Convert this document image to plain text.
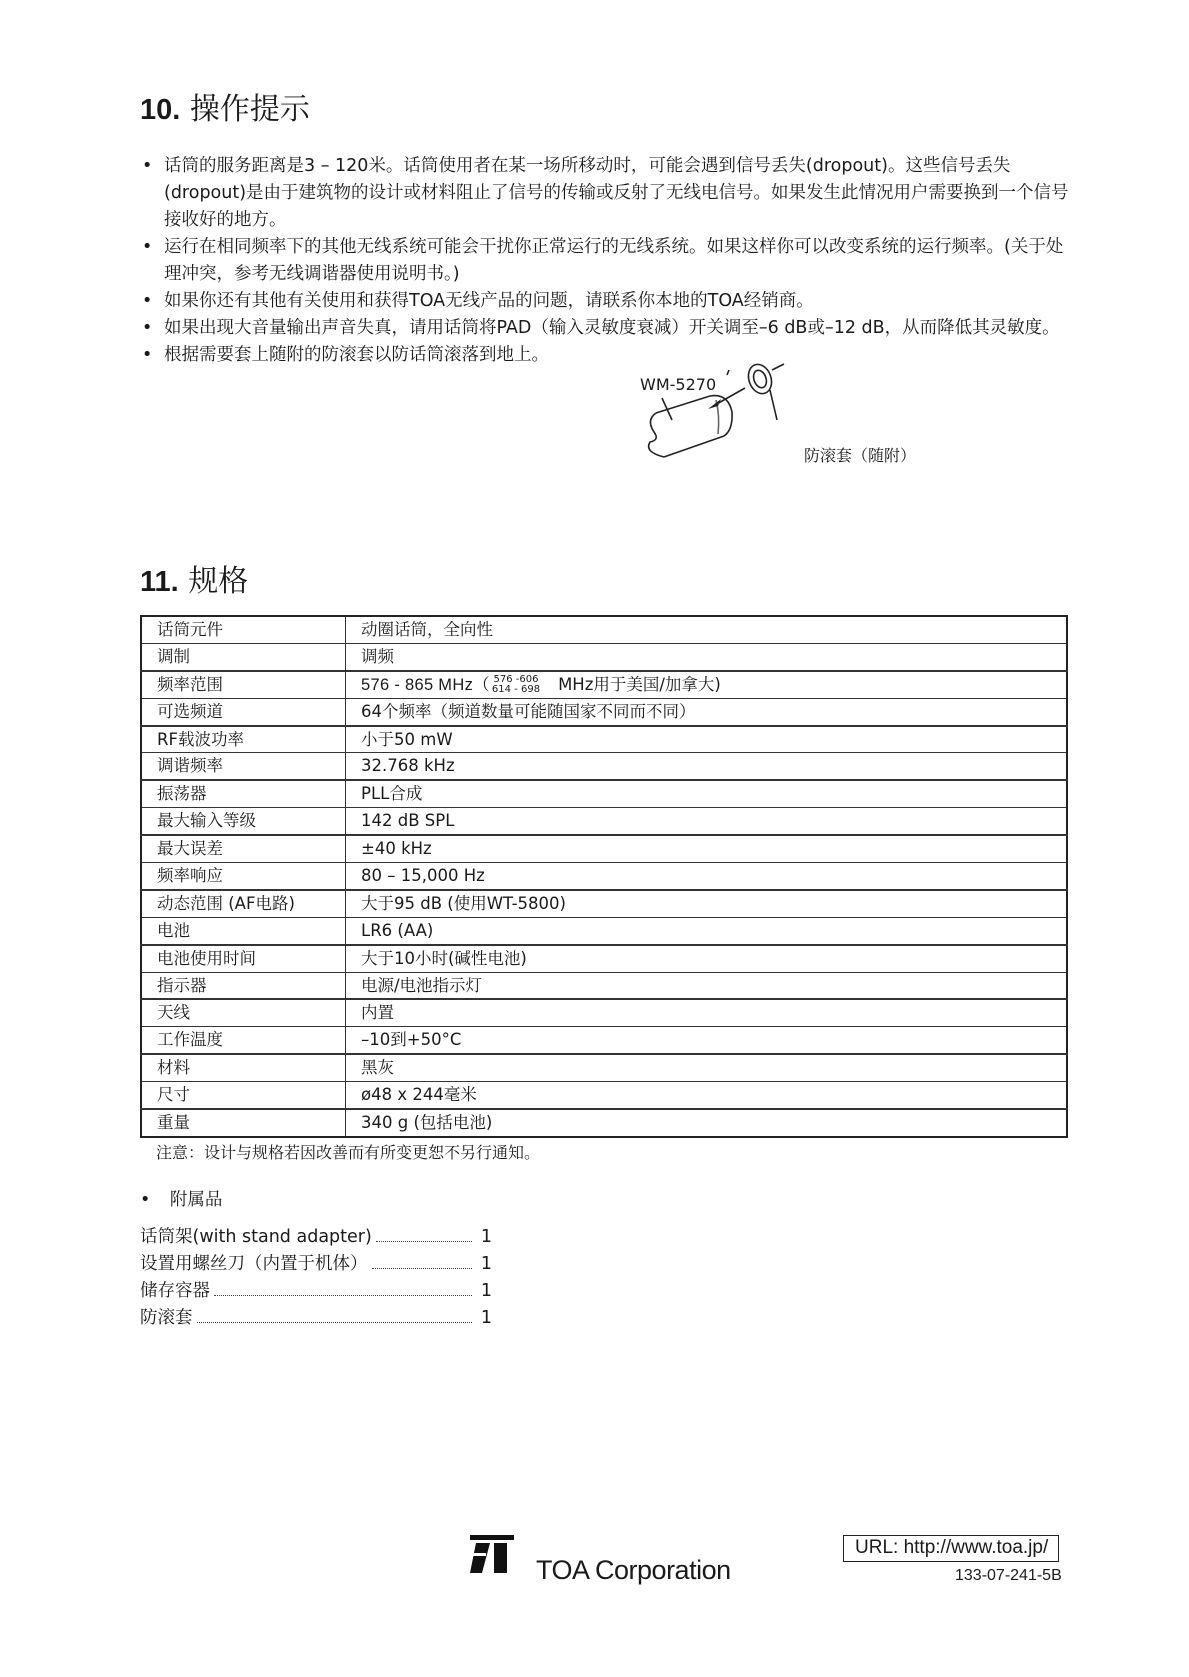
10. 操作提示
• 话筒的服务距离是3 – 120米。话筒使用者在某一场所移动时，可能会遇到信号丢失(dropout)。这些信号丢失(dropout)是由于建筑物的设计或材料阻止了信号的传输或反射了无线电信号。如果发生此情况用户需要换到一个信号接收好的地方。
• 运行在相同频率下的其他无线系统可能会干扰你正常运行的无线系统。如果这样你可以改变系统的运行频率。(关于处理冲突，参考无线调谐器使用说明书。)
• 如果你还有其他有关使用和获得TOA无线产品的问题，请联系你本地的TOA经销商。
• 如果出现大音量输出声音失真，请用话筒将PAD（输入灵敏度衰减）开关调至–6 dB或–12 dB，从而降低其灵敏度。
• 根据需要套上随附的防滚套以防话筒滚落到地上。
WM-5270
防滚套（随附）
11. 规格
话筒元件	动圈话筒，全向性
调制	调频
频率范围	576 - 865 MHz（ 576 -606
614 - 698 MHz用于美国/加拿大)
可选频道	64个频率（频道数量可能随国家不同而不同）
RF载波功率	小于50 mW
调谐频率	32.768 kHz
振荡器	PLL合成
最大输入等级	142 dB SPL
最大误差	±40 kHz
频率响应	80 – 15,000 Hz
动态范围 (AF电路)	大于95 dB (使用WT-5800)
电池	LR6 (AA)
电池使用时间	大于10小时(碱性电池)
指示器	电源/电池指示灯
天线	内置
工作温度	–10到+50°C
材料	黑灰
尺寸	ø48 x 244毫米
重量	340 g (包括电池)
注意：设计与规格若因改善而有所变更恕不另行通知。
• 附属品
话筒架(with stand adapter)	1
设置用螺丝刀（内置于机体）	1
储存容器	1
防滚套	1
TOA Corporation
URL: http://www.toa.jp/
133-07-241-5B
